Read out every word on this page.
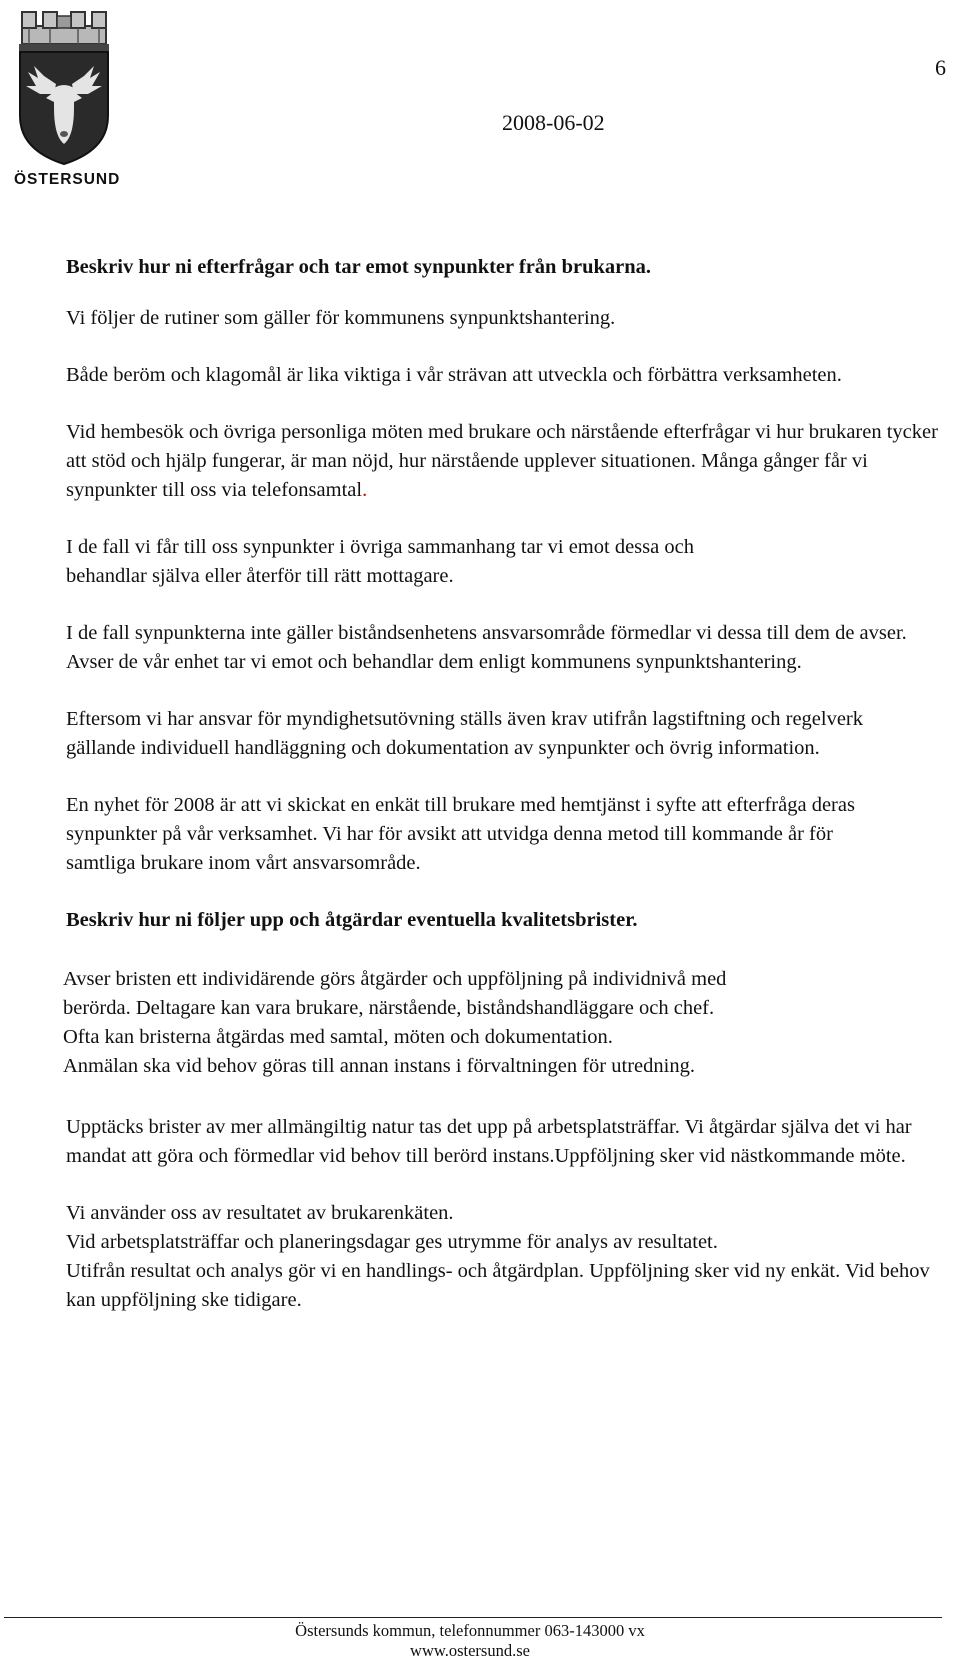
ÖSTERSUND
6
2008-06-02

Beskriv hur ni efterfrågar och tar emot synpunkter från brukarna.

Vi följer de rutiner som gäller för kommunens synpunktshantering.

Både beröm och klagomål är lika viktiga i vår strävan att utveckla och förbättra verksamheten.

Vid hembesök och övriga personliga möten med brukare och närstående efterfrågar vi hur brukaren tycker att stöd och hjälp fungerar, är man nöjd, hur närstående upplever situationen. Många gånger får vi synpunkter till oss via telefonsamtal.

I de fall vi får till oss synpunkter i övriga sammanhang tar vi emot dessa och behandlar själva eller återför till rätt mottagare.

I de fall synpunkterna inte gäller biståndsenhetens ansvarsområde förmedlar vi dessa till dem de avser. Avser de vår enhet tar vi emot och behandlar dem enligt kommunens synpunktshantering.

Eftersom vi har ansvar för myndighetsutövning ställs även krav utifrån lagstiftning och regelverk gällande individuell handläggning och dokumentation av synpunkter och övrig information.

En nyhet för 2008 är att vi skickat en enkät till brukare med hemtjänst i syfte att efterfråga deras synpunkter på vår verksamhet. Vi har för avsikt att utvidga denna metod till kommande år för samtliga brukare inom vårt ansvarsområde.

Beskriv hur ni följer upp och åtgärdar eventuella kvalitetsbrister.

Avser bristen ett individärende görs åtgärder och uppföljning på individnivå med

berörda. Deltagare kan vara brukare, närstående, biståndshandläggare och chef.

Ofta kan bristerna åtgärdas med samtal, möten och dokumentation.

Anmälan ska vid behov göras till annan instans i förvaltningen för utredning.

Upptäcks brister av mer allmängiltig natur tas det upp på arbetsplatsträffar. Vi åtgärdar själva det vi har mandat att göra och förmedlar vid behov till berörd instans.Uppföljning sker vid nästkommande möte.

Vi använder oss av resultatet av brukarenkäten.

Vid arbetsplatsträffar och planeringsdagar ges utrymme för analys av resultatet.

Utifrån resultat och analys gör vi en handlings- och åtgärdplan. Uppföljning sker vid ny enkät. Vid behov kan uppföljning ske tidigare.

Östersunds kommun, telefonnummer 063-143000 vx
www.ostersund.se
